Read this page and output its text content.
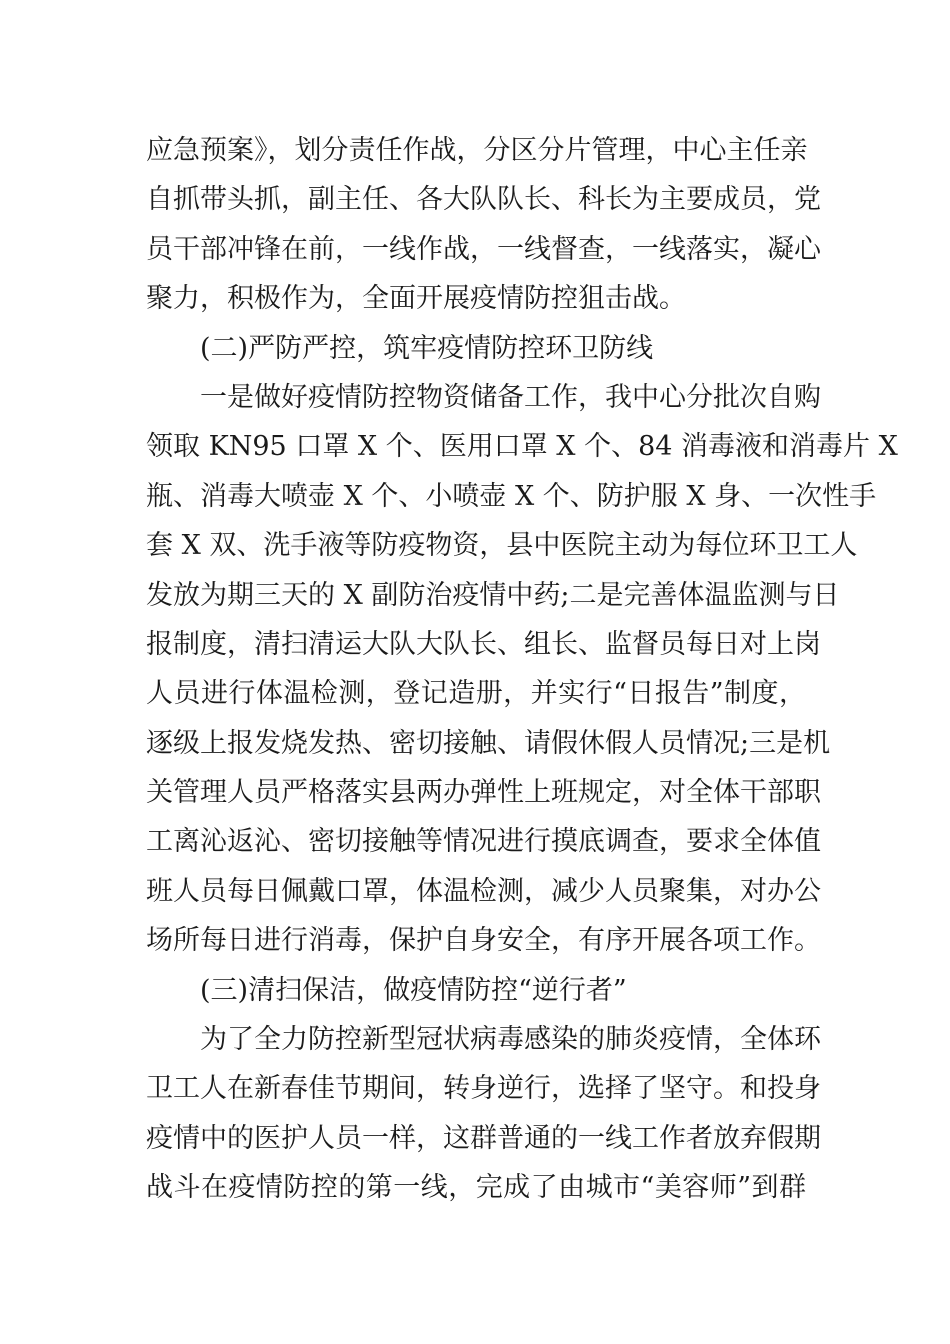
应急预案》，划分责任作战，分区分片管理，中心主任亲
自抓带头抓，副主任、各大队队长、科长为主要成员，党
员干部冲锋在前，一线作战，一线督查，一线落实，凝心
聚力，积极作为，全面开展疫情防控狙击战。
(二)严防严控，筑牢疫情防控环卫防线
一是做好疫情防控物资储备工作，我中心分批次自购
领取 KN95 口罩 X 个、医用口罩 X 个、84 消毒液和消毒片 X
瓶、消毒大喷壶 X 个、小喷壶 X 个、防护服 X 身、一次性手
套 X 双、洗手液等防疫物资，县中医院主动为每位环卫工人
发放为期三天的 X 副防治疫情中药;二是完善体温监测与日
报制度，清扫清运大队大队长、组长、监督员每日对上岗
人员进行体温检测，登记造册，并实行“日报告”制度，
逐级上报发烧发热、密切接触、请假休假人员情况;三是机
关管理人员严格落实县两办弹性上班规定，对全体干部职
工离沁返沁、密切接触等情况进行摸底调查，要求全体值
班人员每日佩戴口罩，体温检测，减少人员聚集，对办公
场所每日进行消毒，保护自身安全，有序开展各项工作。
(三)清扫保洁，做疫情防控“逆行者”
为了全力防控新型冠状病毒感染的肺炎疫情，全体环
卫工人在新春佳节期间，转身逆行，选择了坚守。和投身
疫情中的医护人员一样，这群普通的一线工作者放弃假期
战斗在疫情防控的第一线，完成了由城市“美容师”到群
